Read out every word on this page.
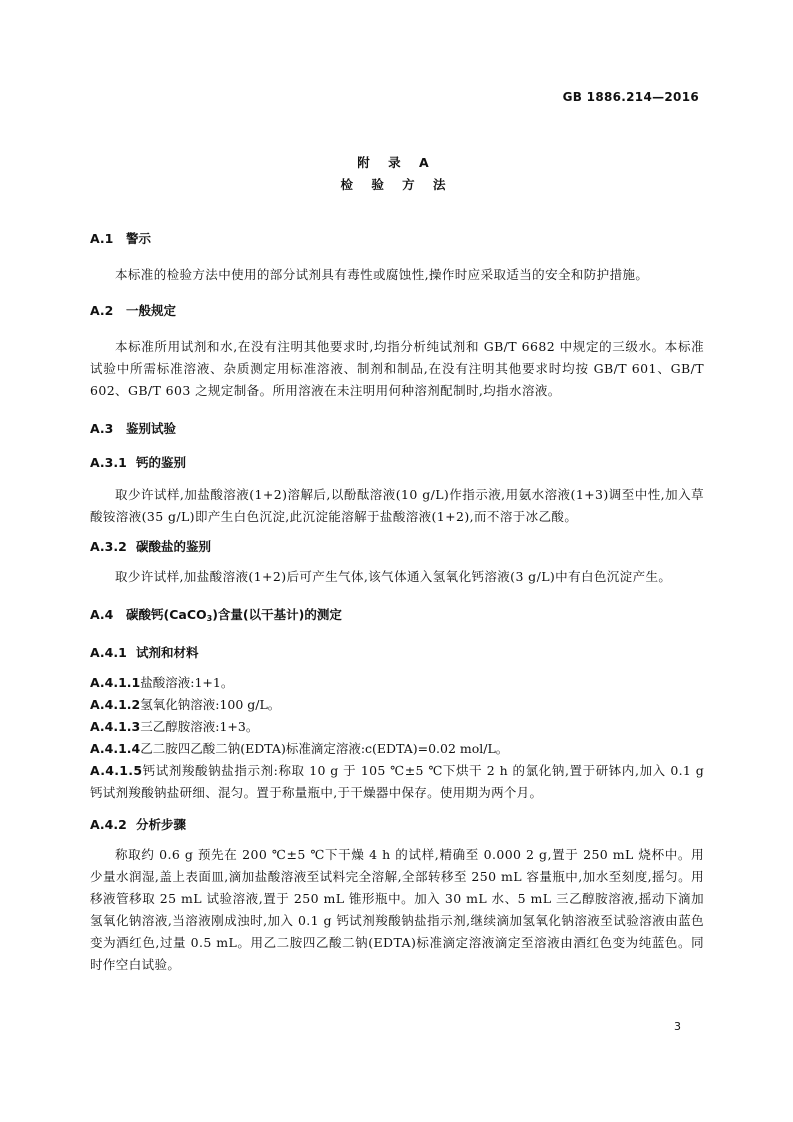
GB 1886.214—2016
附 录 A
检 验 方 法
A.1 警示
本标准的检验方法中使用的部分试剂具有毒性或腐蚀性,操作时应采取适当的安全和防护措施。
A.2 一般规定
本标准所用试剂和水,在没有注明其他要求时,均指分析纯试剂和 GB/T 6682 中规定的三级水。本标准试验中所需标准溶液、杂质测定用标准溶液、制剂和制品,在没有注明其他要求时均按 GB/T 601、GB/T 602、GB/T 603 之规定制备。所用溶液在未注明用何种溶剂配制时,均指水溶液。
A.3 鉴别试验
A.3.1 钙的鉴别
取少许试样,加盐酸溶液(1+2)溶解后,以酚酞溶液(10 g/L)作指示液,用氨水溶液(1+3)调至中性,加入草酸铵溶液(35 g/L)即产生白色沉淀,此沉淀能溶解于盐酸溶液(1+2),而不溶于冰乙酸。
A.3.2 碳酸盐的鉴别
取少许试样,加盐酸溶液(1+2)后可产生气体,该气体通入氢氧化钙溶液(3 g/L)中有白色沉淀产生。
A.4 碳酸钙(CaCO$_3$)含量(以干基计)的测定
A.4.1 试剂和材料
A.4.1.1盐酸溶液:1+1。
A.4.1.2氢氧化钠溶液:100 g/L。
A.4.1.3三乙醇胺溶液:1+3。
A.4.1.4乙二胺四乙酸二钠(EDTA)标准滴定溶液:c(EDTA)=0.02 mol/L。
A.4.1.5钙试剂羧酸钠盐指示剂:称取 10 g 于 105 ℃±5 ℃下烘干 2 h 的氯化钠,置于研钵内,加入 0.1 g 钙试剂羧酸钠盐研细、混匀。置于称量瓶中,于干燥器中保存。使用期为两个月。
A.4.2 分析步骤
称取约 0.6 g 预先在 200 ℃±5 ℃下干燥 4 h 的试样,精确至 0.000 2 g,置于 250 mL 烧杯中。用少量水润湿,盖上表面皿,滴加盐酸溶液至试料完全溶解,全部转移至 250 mL 容量瓶中,加水至刻度,摇匀。用移液管移取 25 mL 试验溶液,置于 250 mL 锥形瓶中。加入 30 mL 水、5 mL 三乙醇胺溶液,摇动下滴加氢氧化钠溶液,当溶液刚成浊时,加入 0.1 g 钙试剂羧酸钠盐指示剂,继续滴加氢氧化钠溶液至试验溶液由蓝色变为酒红色,过量 0.5 mL。用乙二胺四乙酸二钠(EDTA)标准滴定溶液滴定至溶液由酒红色变为纯蓝色。同时作空白试验。
3
